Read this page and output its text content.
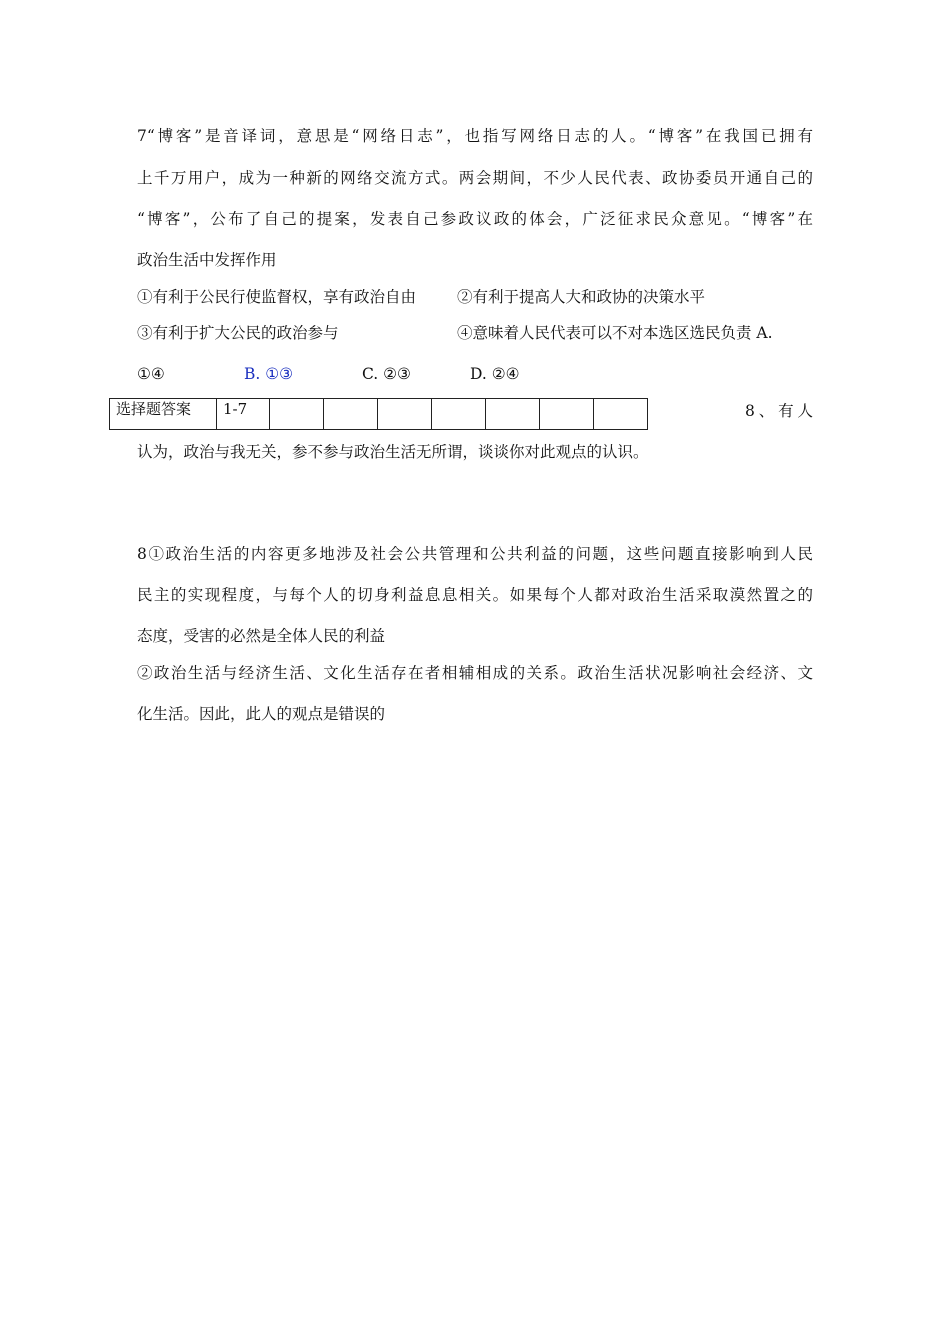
7“博客”是音译词，意思是“网络日志”，也指写网络日志的人。“博客”在我国已拥有
上千万用户，成为一种新的网络交流方式。两会期间，不少人民代表、政协委员开通自己的
“博客”，公布了自己的提案，发表自己参政议政的体会，广泛征求民众意见。“博客”在
政治生活中发挥作用
①有利于公民行使监督权，享有政治自由	②有利于提高人大和政协的决策水平
③有利于扩大公民的政治参与	④意味着人民代表可以不对本选区选民负责 A.
①④	B. ①③	C. ②③	D. ②④
选择题答案	1-7								8、有人
认为，政治与我无关，参不参与政治生活无所谓，谈谈你对此观点的认识。
8①政治生活的内容更多地涉及社会公共管理和公共利益的问题，这些问题直接影响到人民
民主的实现程度，与每个人的切身利益息息相关。如果每个人都对政治生活采取漠然置之的
态度，受害的必然是全体人民的利益
②政治生活与经济生活、文化生活存在者相辅相成的关系。政治生活状况影响社会经济、文
化生活。因此，此人的观点是错误的
